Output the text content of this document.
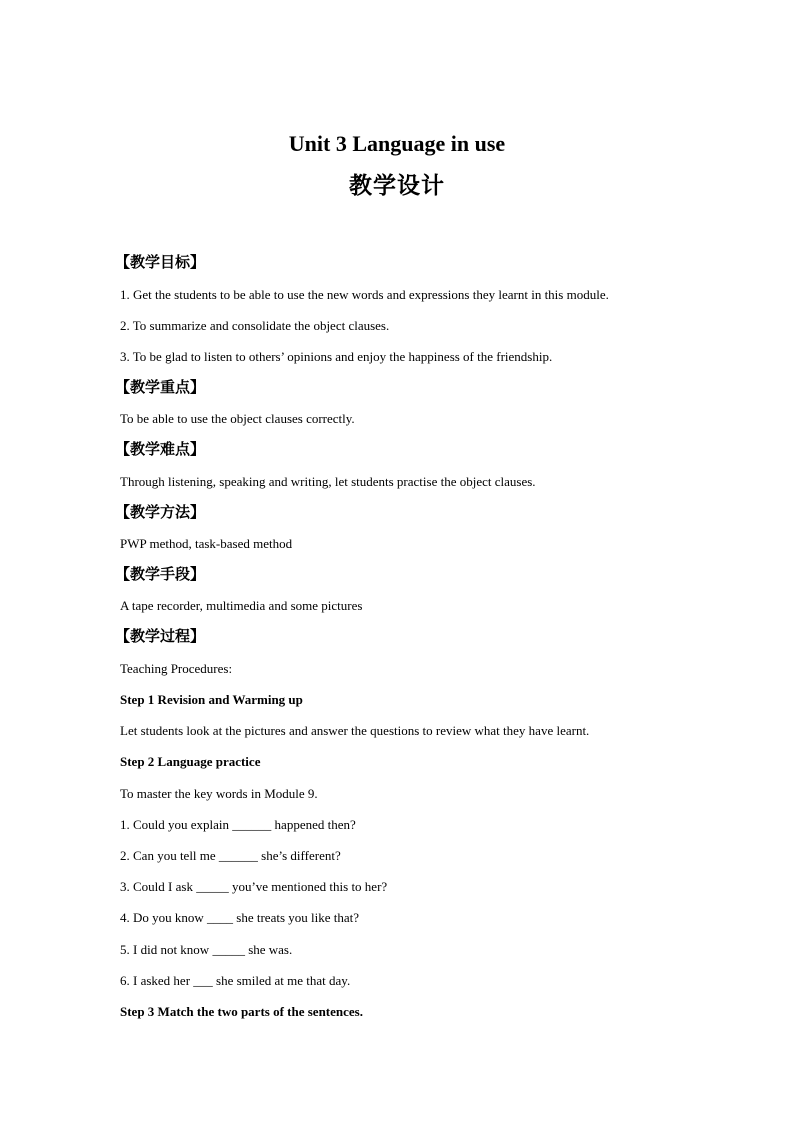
Unit 3 Language in use
教学设计
【教学目标】
1. Get the students to be able to use the new words and expressions they learnt in this module.
2. To summarize and consolidate the object clauses.
3. To be glad to listen to others’ opinions and enjoy the happiness of the friendship.
【教学重点】
To be able to use the object clauses correctly.
【教学难点】
Through listening, speaking and writing, let students practise the object clauses.
【教学方法】
PWP method, task-based method
【教学手段】
A tape recorder, multimedia and some pictures
【教学过程】
Teaching Procedures:
Step 1 Revision and Warming up
Let students look at the pictures and answer the questions to review what they have learnt.
Step 2 Language practice
To master the key words in Module 9.
1. Could you explain ______ happened then?
2. Can you tell me ______ she’s different?
3. Could I ask _____ you’ve mentioned this to her?
4. Do you know ____ she treats you like that?
5. I did not know _____ she was.
6. I asked her ___ she smiled at me that day.
Step 3 Match the two parts of the sentences.
